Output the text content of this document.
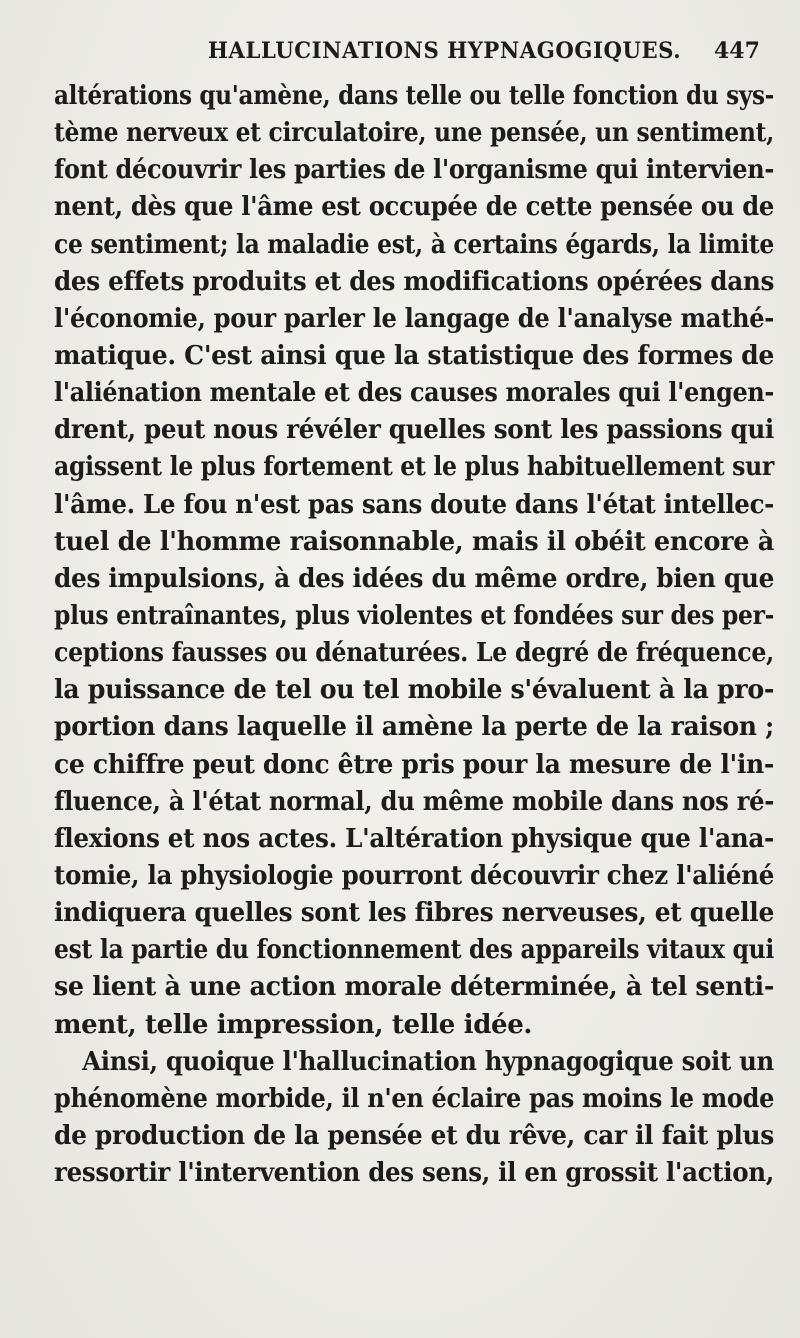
HALLUCINATIONS HYPNAGOGIQUES. 447
altérations qu'amène, dans telle ou telle fonction du sys-
tème nerveux et circulatoire, une pensée, un sentiment,
font découvrir les parties de l'organisme qui intervien-
nent, dès que l'âme est occupée de cette pensée ou de
ce sentiment; la maladie est, à certains égards, la limite
des effets produits et des modifications opérées dans
l'économie, pour parler le langage de l'analyse mathé-
matique. C'est ainsi que la statistique des formes de
l'aliénation mentale et des causes morales qui l'engen-
drent, peut nous révéler quelles sont les passions qui
agissent le plus fortement et le plus habituellement sur
l'âme. Le fou n'est pas sans doute dans l'état intellec-
tuel de l'homme raisonnable, mais il obéit encore à
des impulsions, à des idées du même ordre, bien que
plus entraînantes, plus violentes et fondées sur des per-
ceptions fausses ou dénaturées. Le degré de fréquence,
la puissance de tel ou tel mobile s'évaluent à la pro-
portion dans laquelle il amène la perte de la raison ;
ce chiffre peut donc être pris pour la mesure de l'in-
fluence, à l'état normal, du même mobile dans nos ré-
flexions et nos actes. L'altération physique que l'ana-
tomie, la physiologie pourront découvrir chez l'aliéné
indiquera quelles sont les fibres nerveuses, et quelle
est la partie du fonctionnement des appareils vitaux qui
se lient à une action morale déterminée, à tel senti-
ment, telle impression, telle idée.
Ainsi, quoique l'hallucination hypnagogique soit un
phénomène morbide, il n'en éclaire pas moins le mode
de production de la pensée et du rêve, car il fait plus
ressortir l'intervention des sens, il en grossit l'action,
